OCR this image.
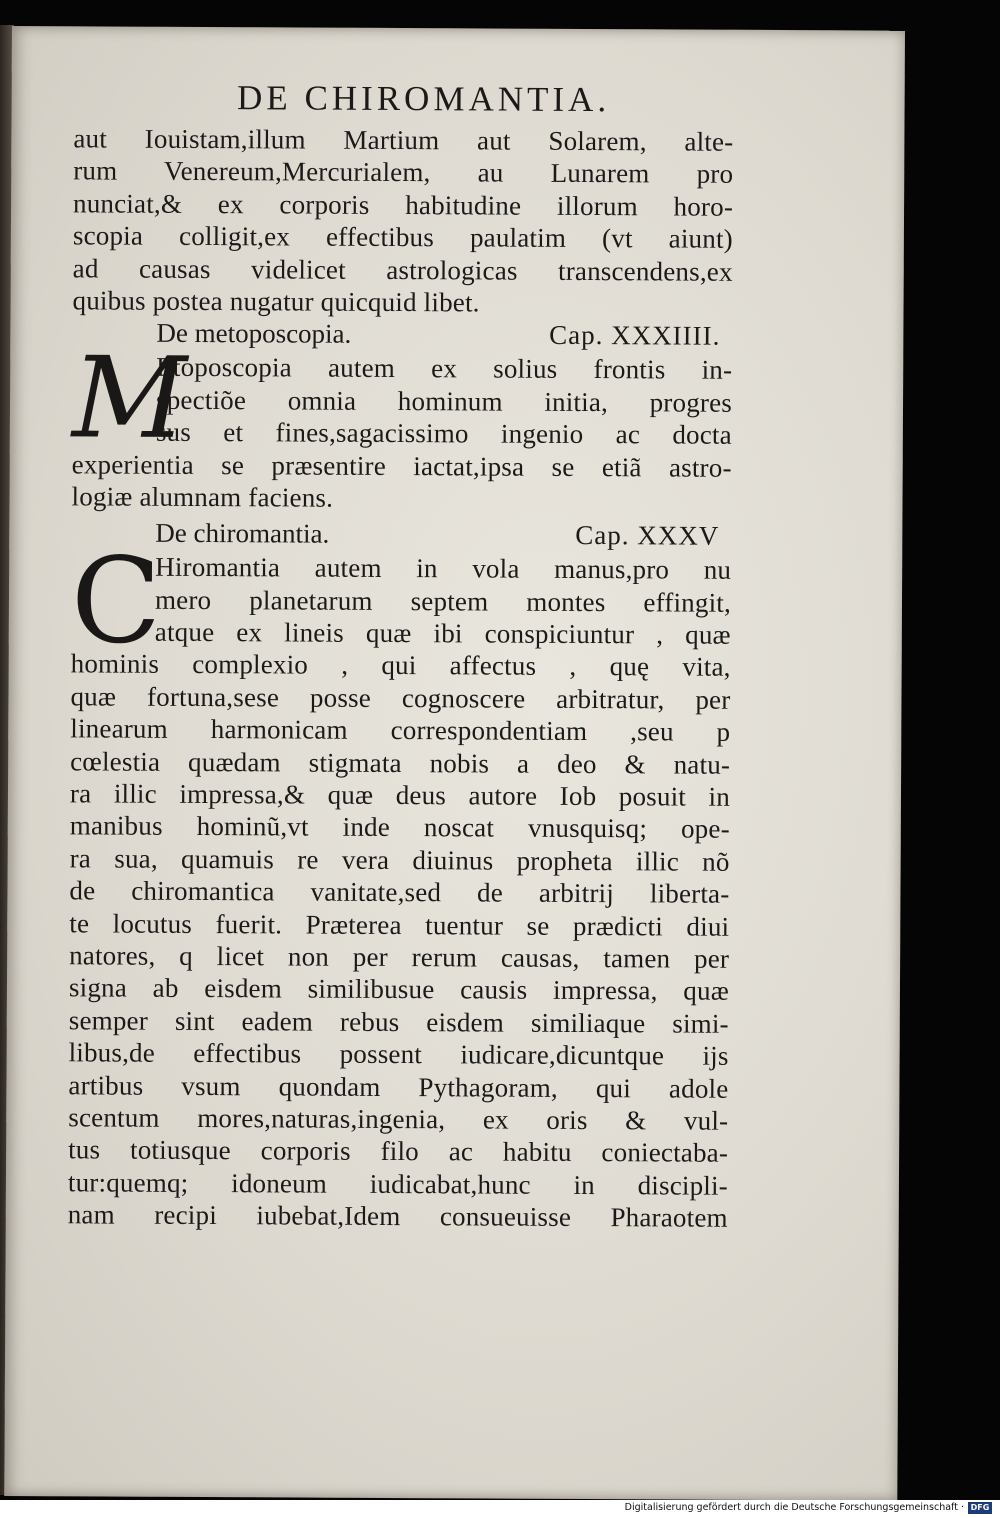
DE CHIROMANTIA.
aut Iouistam,illum Martium aut Solarem, alte-
rum Venereum,Mercurialem, au Lunarem pro
nunciat,& ex corporis habitudine illorum horo-
scopia colligit,ex effectibus paulatim (vt aiunt)
ad causas videlicet astrologicas transcendens,ex
quibus postea nugatur quicquid libet.
De metoposcopia.	Cap. XXXIIII.
M
Etoposcopia autem ex solius frontis in-
spectiõe omnia hominum initia, progres
sus et fines,sagacissimo ingenio ac docta
experientia se præsentire iactat,ipsa se etiã astro-
logiæ alumnam faciens.
De chiromantia.	Cap. XXXV
C
Hiromantia autem in vola manus,pro nu
mero planetarum septem montes effingit,
atque ex lineis quæ ibi conspiciuntur , quæ
hominis complexio , qui affectus , quę vita,
quæ fortuna,sese posse cognoscere arbitratur, per
linearum harmonicam correspondentiam ,seu p
cœlestia quædam stigmata nobis a deo & natu-
ra illic impressa,& quæ deus autore Iob posuit in
manibus hominũ,vt inde noscat vnusquisq; ope-
ra sua, quamuis re vera diuinus propheta illic nõ
de chiromantica vanitate,sed de arbitrij liberta-
te locutus fuerit. Præterea tuentur se prædicti diui
natores, q licet non per rerum causas, tamen per
signa ab eisdem similibusue causis impressa, quæ
semper sint eadem rebus eisdem similiaque simi-
libus,de effectibus possent iudicare,dicuntque ijs
artibus vsum quondam Pythagoram, qui adole
scentum mores,naturas,ingenia, ex oris & vul-
tus totiusque corporis filo ac habitu coniectaba-
tur:quemq; idoneum iudicabat,hunc in discipli-
nam recipi iubebat,Idem consueuisse Pharaotem
Digitalisierung gefördert durch die Deutsche Forschungsgemeinschaft · DFG
